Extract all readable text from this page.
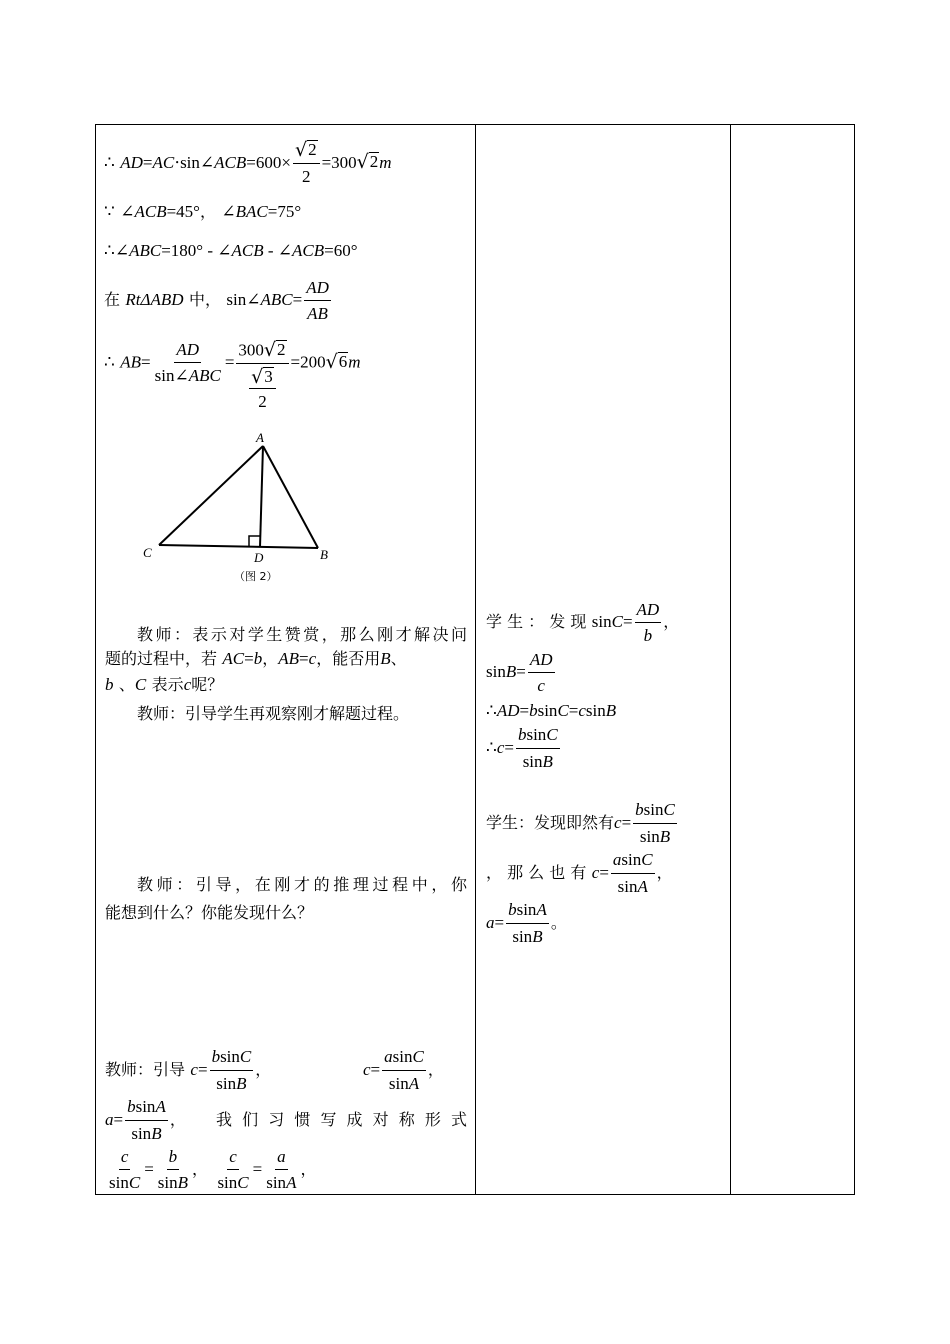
∴ AD=AC⋅sin∠ACB=600× $\frac{√ 2}{2} =300$ √ 2 m
∵ ∠ACB=45°， ∠BAC=75°
∴∠ABC=180° - ∠ACB - ∠ACB=60°
在 RtΔABD 中， sin∠ABC= $\frac{AD}{AB}$
∴ $AB= \frac{AD}{\text{sin∠ABC}}$ =
300 √ 2
√ 3
2
=200 √ 6 m
A
B
C	D
（图 2）
教师：表示对学生赞赏，那么刚才解决问
题的过程中，若 AC=b，AB=c，能否用B、
b 、C 表示c呢？
教师：引导学生再观察刚才解题过程。
教师：引导，在刚才的推理过程中，你
能想到什么？你能发现什么？
教师：引导 $c= \frac{bsinC}{\sin B}$ ，	$c= \frac{asinC}{\sin A}$ ，
$a= \frac{bsinA}{\sin B}$ ， 我们习惯写成对称形式
$\frac{c}{\sin C} = \frac{b}{\sin B}$ ， $\frac{c}{\sin C} = \frac{a}{\sin A}$ ，
学 生 ： 发 现 $\sin C= \frac{AD}{b}$ ，
$\sin B= \frac{AD}{c}$
∴AD=bsinC=csinB
∴c= $\frac{bsinC}{\sin B}$
学生：发现即然有$c= \frac{bsinC}{\sin B}$
， 那 么 也 有 $c= \frac{asinC}{\sin A}$ ，
$a= \frac{bsinA}{\sin B}$ 。
